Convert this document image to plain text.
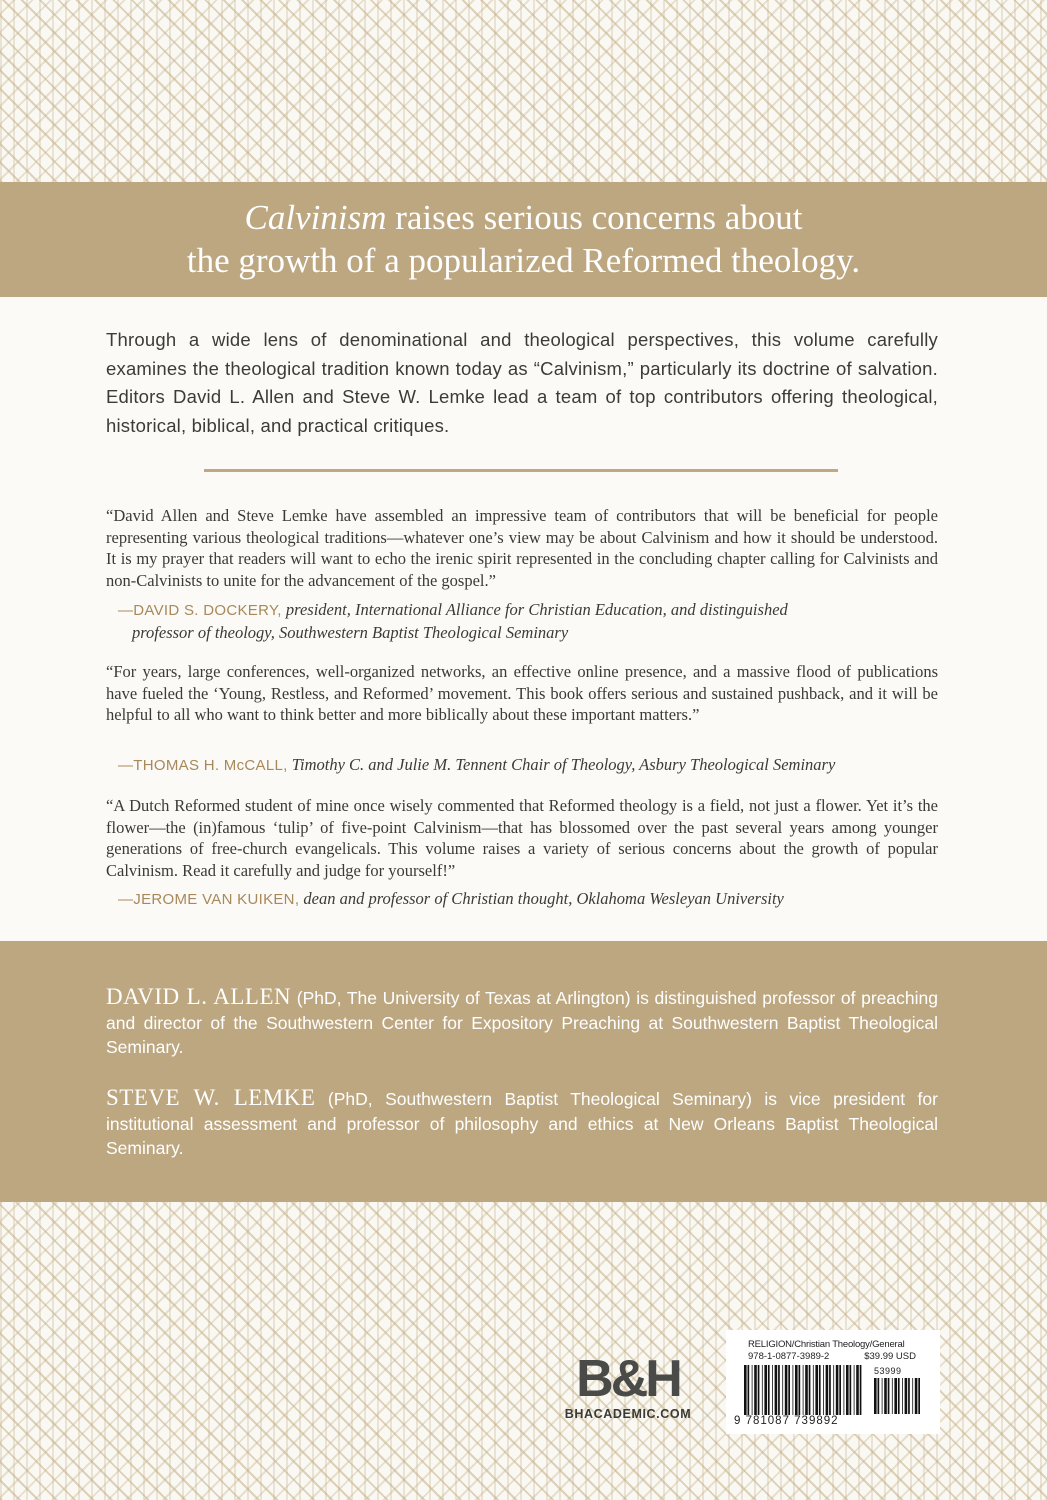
Calvinism raises serious concerns about
the growth of a popularized Reformed theology.
Through a wide lens of denominational and theological perspectives, this volume carefully examines the theological tradition known today as “Calvinism,” particularly its doctrine of salvation. Editors David L. Allen and Steve W. Lemke lead a team of top contributors offering theological, historical, biblical, and practical critiques.
“David Allen and Steve Lemke have assembled an impressive team of contributors that will be beneficial for people representing various theological traditions—whatever one’s view may be about Calvinism and how it should be understood. It is my prayer that readers will want to echo the irenic spirit represented in the concluding chapter calling for Calvinists and non-Calvinists to unite for the advancement of the gospel.”
—DAVID S. DOCKERY, president, International Alliance for Christian Education, and distinguished
professor of theology, Southwestern Baptist Theological Seminary
“For years, large conferences, well-organized networks, an effective online presence, and a massive flood of publications have fueled the ‘Young, Restless, and Reformed’ movement. This book offers serious and sustained pushback, and it will be helpful to all who want to think better and more biblically about these important matters.”
—THOMAS H. McCALL, Timothy C. and Julie M. Tennent Chair of Theology, Asbury Theological Seminary
“A Dutch Reformed student of mine once wisely commented that Reformed theology is a field, not just a flower. Yet it’s the flower—the (in)famous ‘tulip’ of five-point Calvinism—that has blossomed over the past several years among younger generations of free-church evangelicals. This volume raises a variety of serious concerns about the growth of popular Calvinism. Read it carefully and judge for yourself!”
—JEROME VAN KUIKEN, dean and professor of Christian thought, Oklahoma Wesleyan University
DAVID L. ALLEN (PhD, The University of Texas at Arlington) is distinguished professor of preaching and director of the Southwestern Center for Expository Preaching at Southwestern Baptist Theological Seminary.
STEVE W. LEMKE (PhD, Southwestern Baptist Theological Seminary) is vice president for institutional assessment and professor of philosophy and ethics at New Orleans Baptist Theological Seminary.
B&H
BHACADEMIC.COM
RELIGION/Christian Theology/General
978-1-0877-3989-2	$39.99 USD
53999
9 781087 739892
